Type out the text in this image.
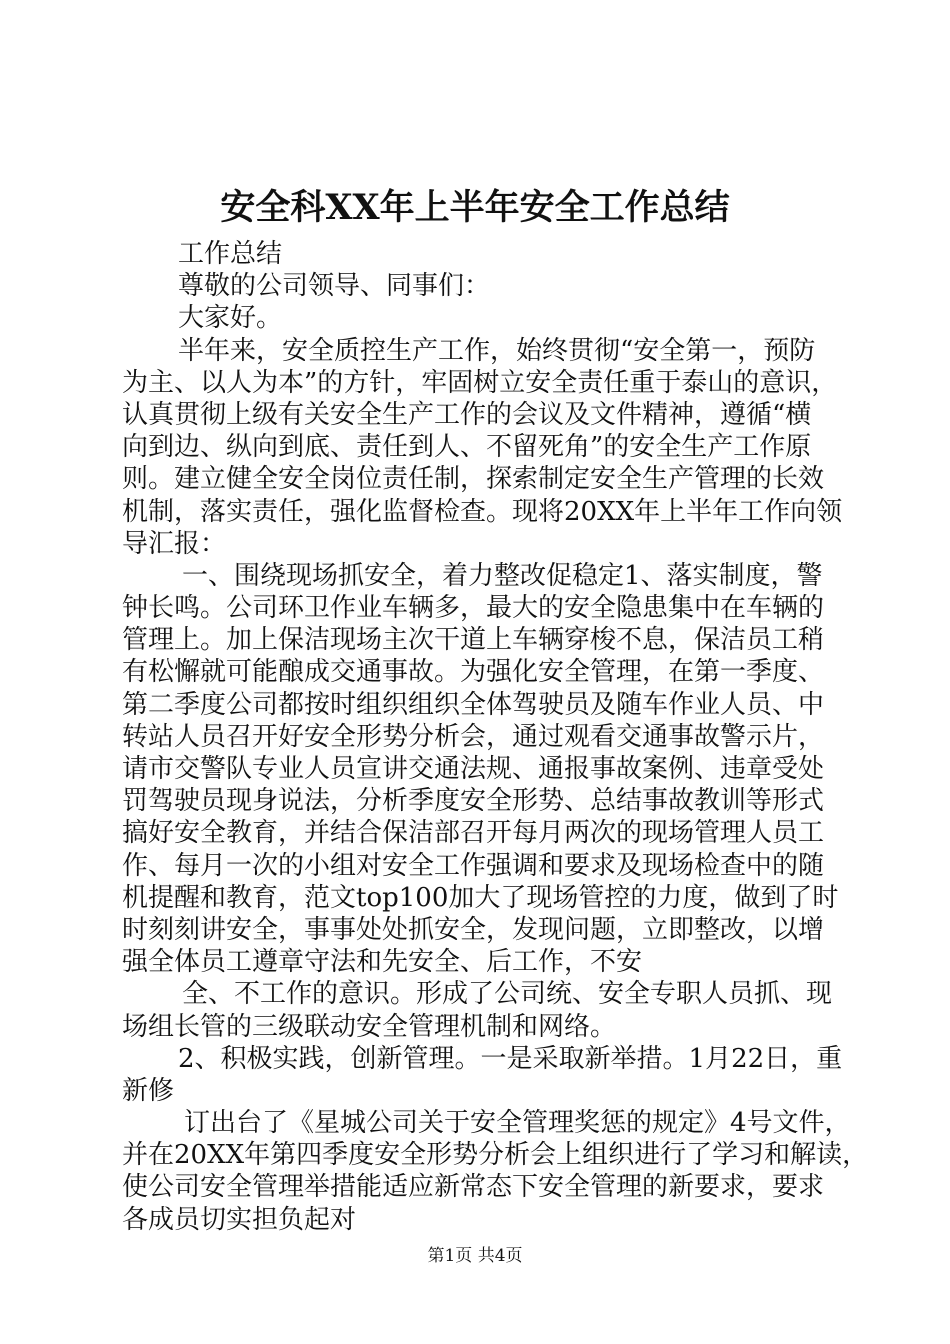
安全科XX年上半年安全工作总结
工作总结
尊敬的公司领导、同事们：
大家好。
半年来，安全质控生产工作，始终贯彻“安全第一，预防
为主、以人为本”的方针，牢固树立安全责任重于泰山的意识，
认真贯彻上级有关安全生产工作的会议及文件精神，遵循“横
向到边、纵向到底、责任到人、不留死角”的安全生产工作原
则。建立健全安全岗位责任制，探索制定安全生产管理的长效
机制，落实责任，强化监督检查。现将20XX年上半年工作向领
导汇报：
一、围绕现场抓安全，着力整改促稳定1、落实制度，警
钟长鸣。公司环卫作业车辆多，最大的安全隐患集中在车辆的
管理上。加上保洁现场主次干道上车辆穿梭不息，保洁员工稍
有松懈就可能酿成交通事故。为强化安全管理，在第一季度、
第二季度公司都按时组织组织全体驾驶员及随车作业人员、中
转站人员召开好安全形势分析会，通过观看交通事故警示片，
请市交警队专业人员宣讲交通法规、通报事故案例、违章受处
罚驾驶员现身说法，分析季度安全形势、总结事故教训等形式
搞好安全教育，并结合保洁部召开每月两次的现场管理人员工
作、每月一次的小组对安全工作强调和要求及现场检查中的随
机提醒和教育，范文top100加大了现场管控的力度，做到了时
时刻刻讲安全，事事处处抓安全，发现问题，立即整改，以增
强全体员工遵章守法和先安全、后工作，不安
全、不工作的意识。形成了公司统、安全专职人员抓、现
场组长管的三级联动安全管理机制和网络。
2、积极实践，创新管理。一是采取新举措。1月22日，重
新修
订出台了《星城公司关于安全管理奖惩的规定》4号文件，
并在20XX年第四季度安全形势分析会上组织进行了学习和解读，
使公司安全管理举措能适应新常态下安全管理的新要求，要求
各成员切实担负起对
第1页 共4页
